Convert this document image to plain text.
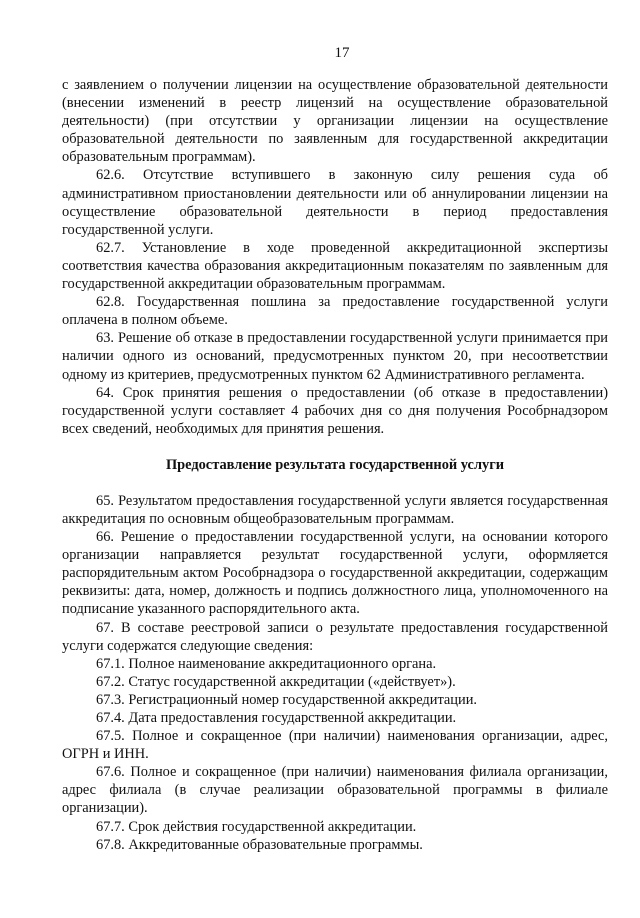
17

с заявлением о получении лицензии на осуществление образовательной деятельности (внесении изменений в реестр лицензий на осуществление образовательной деятельности) (при отсутствии у организации лицензии на осуществление образовательной деятельности по заявленным для государственной аккредитации образовательным программам).

62.6. Отсутствие вступившего в законную силу решения суда об административном приостановлении деятельности или об аннулировании лицензии на осуществление образовательной деятельности в период предоставления государственной услуги.

62.7. Установление в ходе проведенной аккредитационной экспертизы соответствия качества образования аккредитационным показателям по заявленным для государственной аккредитации образовательным программам.

62.8. Государственная пошлина за предоставление государственной услуги оплачена в полном объеме.

63. Решение об отказе в предоставлении государственной услуги принимается при наличии одного из оснований, предусмотренных пунктом 20, при несоответствии одному из критериев, предусмотренных пунктом 62 Административного регламента.

64. Срок принятия решения о предоставлении (об отказе в предоставлении) государственной услуги составляет 4 рабочих дня со дня получения Рособрнадзором всех сведений, необходимых для принятия решения.

Предоставление результата государственной услуги

65. Результатом предоставления государственной услуги является государственная аккредитация по основным общеобразовательным программам.

66. Решение о предоставлении государственной услуги, на основании которого организации направляется результат государственной услуги, оформляется распорядительным актом Рособрнадзора о государственной аккредитации, содержащим реквизиты: дата, номер, должность и подпись должностного лица, уполномоченного на подписание указанного распорядительного акта.

67. В составе реестровой записи о результате предоставления государственной услуги содержатся следующие сведения:

67.1. Полное наименование аккредитационного органа.

67.2. Статус государственной аккредитации («действует»).

67.3. Регистрационный номер государственной аккредитации.

67.4. Дата предоставления государственной аккредитации.

67.5. Полное и сокращенное (при наличии) наименования организации, адрес, ОГРН и ИНН.

67.6. Полное и сокращенное (при наличии) наименования филиала организации, адрес филиала (в случае реализации образовательной программы в филиале организации).

67.7. Срок действия государственной аккредитации.

67.8. Аккредитованные образовательные программы.
